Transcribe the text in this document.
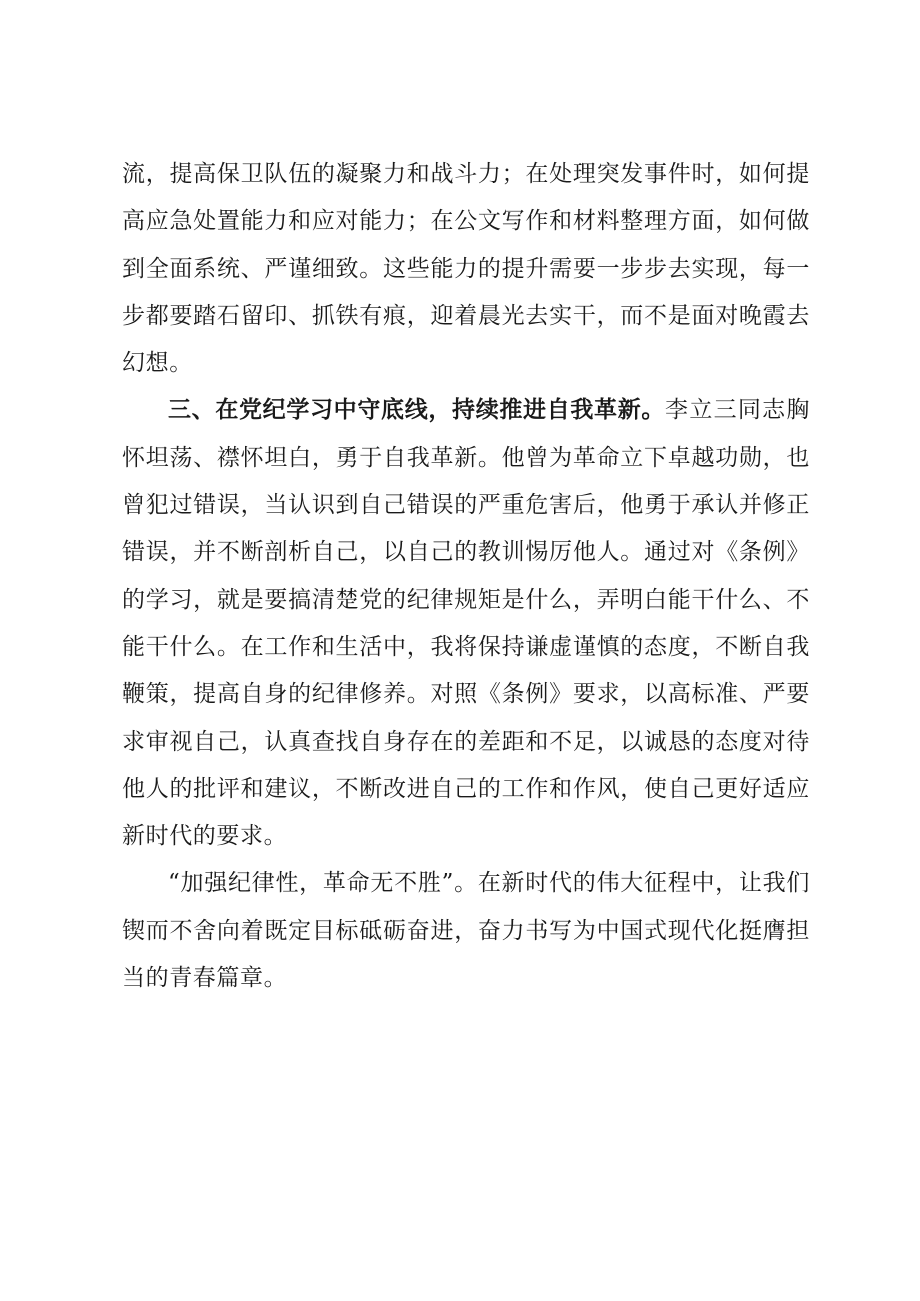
流，提高保卫队伍的凝聚力和战斗力；在处理突发事件时，如何提高应急处置能力和应对能力；在公文写作和材料整理方面，如何做到全面系统、严谨细致。这些能力的提升需要一步步去实现，每一步都要踏石留印、抓铁有痕，迎着晨光去实干，而不是面对晚霞去幻想。

三、在党纪学习中守底线，持续推进自我革新。李立三同志胸怀坦荡、襟怀坦白，勇于自我革新。他曾为革命立下卓越功勋，也曾犯过错误，当认识到自己错误的严重危害后，他勇于承认并修正错误，并不断剖析自己，以自己的教训惕厉他人。通过对《条例》的学习，就是要搞清楚党的纪律规矩是什么，弄明白能干什么、不能干什么。在工作和生活中，我将保持谦虚谨慎的态度，不断自我鞭策，提高自身的纪律修养。对照《条例》要求，以高标准、严要求审视自己，认真查找自身存在的差距和不足，以诚恳的态度对待他人的批评和建议，不断改进自己的工作和作风，使自己更好适应新时代的要求。

“加强纪律性，革命无不胜”。在新时代的伟大征程中，让我们锲而不舍向着既定目标砥砺奋进，奋力书写为中国式现代化挺膺担当的青春篇章。
